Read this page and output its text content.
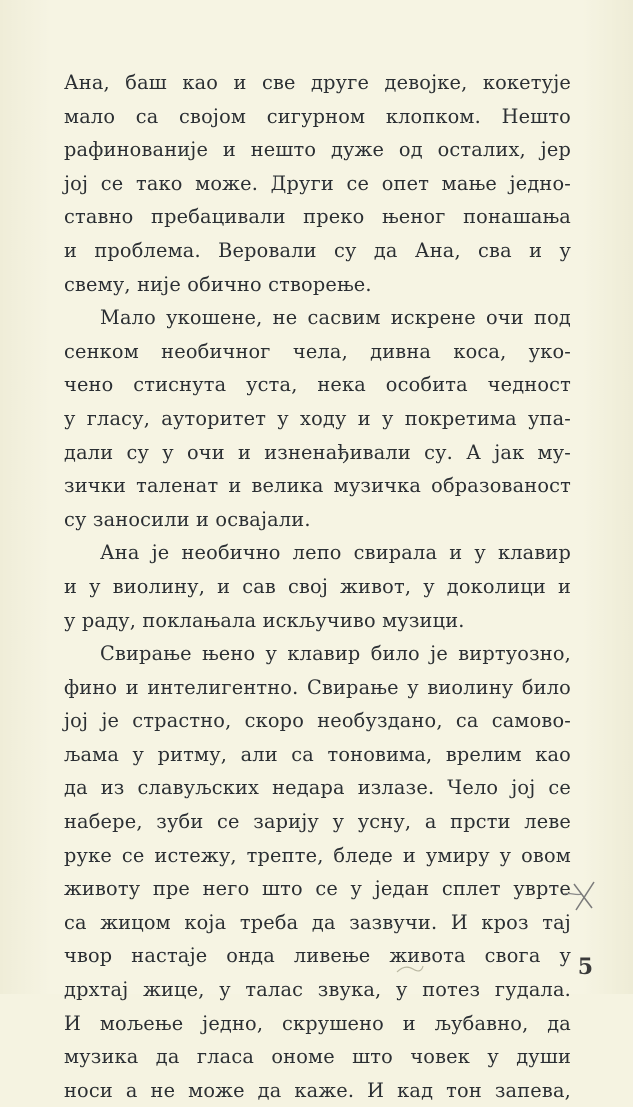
Ана, баш као и све друге девојке, кокетује
мало са својом сигурном клопком. Нешто
рафинованије и нешто дуже од осталих, јер
јој се тако може. Други се опет мање једно-
ставно пребацивали преко њеног понашања
и проблема. Веровали су да Ана, сва и у
свему, није обично створење.

Мало укошене, не сасвим искрене очи под
сенком необичног чела, дивна коса, уко-
чено стиснута уста, нека особита чедност
у гласу, ауторитет у ходу и у покретима упа-
дали су у очи и изненађивали су. А јак му-
зички таленат и велика музичка образованост
су заносили и освајали.

Ана је необично лепо свирала и у клавир
и у виолину, и сав свој живот, у доколици и
у раду, поклањала искључиво музици.

Свирање њено у клавир било је виртуозно,
фино и интелигентно. Свирање у виолину било
јој је страстно, скоро необуздано, са самово-
љама у ритму, али са тоновима, врелим као
да из славуљских недара излазе. Чело јој се
набере, зуби се зарију у усну, а прсти леве
руке се истежу, трепте, бледе и умиру у овом
животу пре него што се у један сплет уврте
са жицом која треба да зазвучи. И кроз тај
чвор настаје онда ливење живота свога у
дрхтај жице, у талас звука, у потез гудала.
И мољење једно, скрушено и љубавно, да
музика да гласа ономе што човек у души
носи а не може да каже. И кад тон запева,

5
